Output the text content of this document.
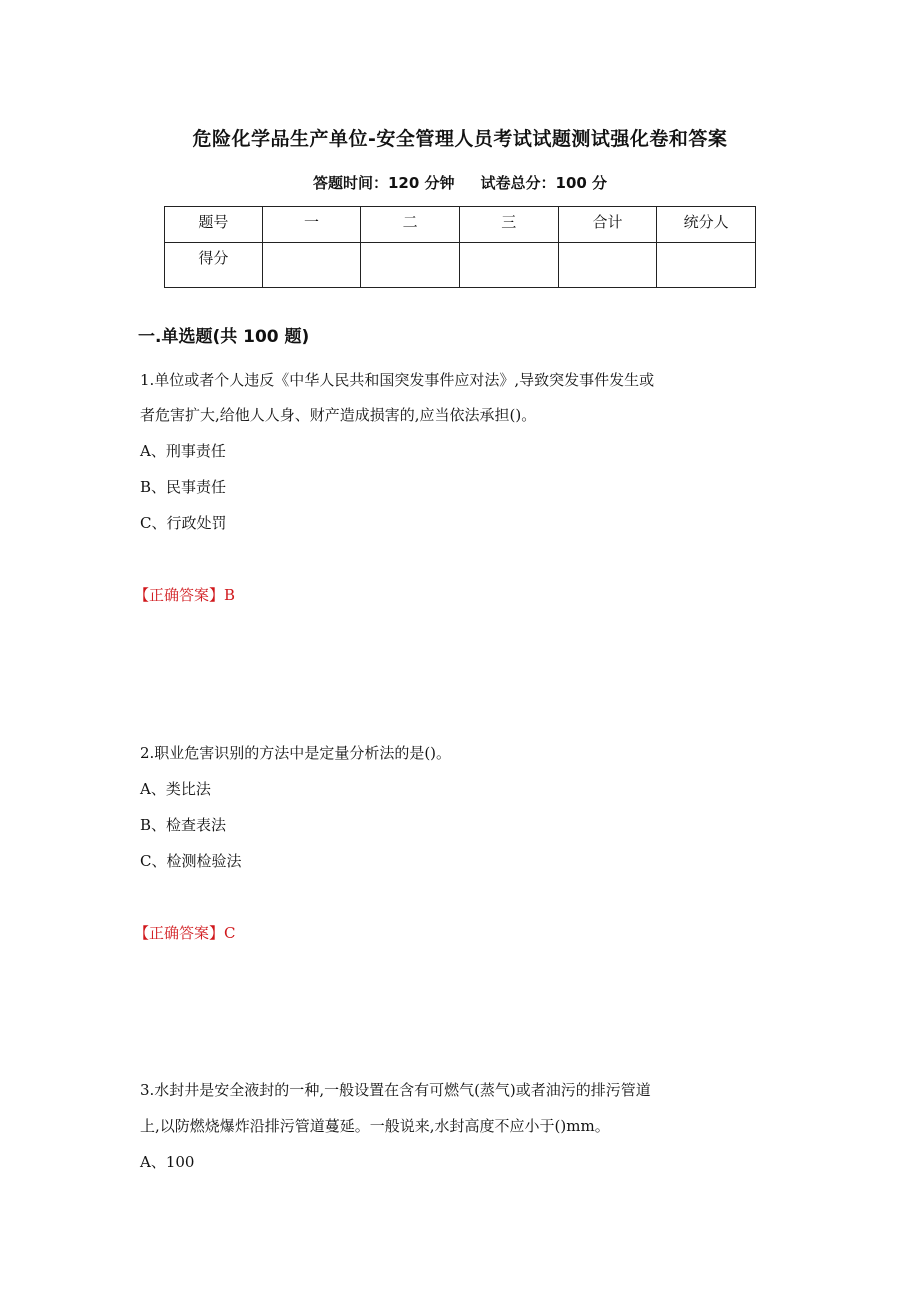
危险化学品生产单位-安全管理人员考试试题测试强化卷和答案
答题时间：120 分钟 试卷总分：100 分
题号	一	二	三	合计	统分人
得分					
一.单选题(共 100 题)
1.单位或者个人违反《中华人民共和国突发事件应对法》,导致突发事件发生或
者危害扩大,给他人人身、财产造成损害的,应当依法承担()。
A、刑事责任
B、民事责任
C、行政处罚
【正确答案】B
2.职业危害识别的方法中是定量分析法的是()。
A、类比法
B、检查表法
C、检测检验法
【正确答案】C
3.水封井是安全液封的一种,一般设置在含有可燃气(蒸气)或者油污的排污管道
上,以防燃烧爆炸沿排污管道蔓延。一般说来,水封高度不应小于()mm。
A、100
